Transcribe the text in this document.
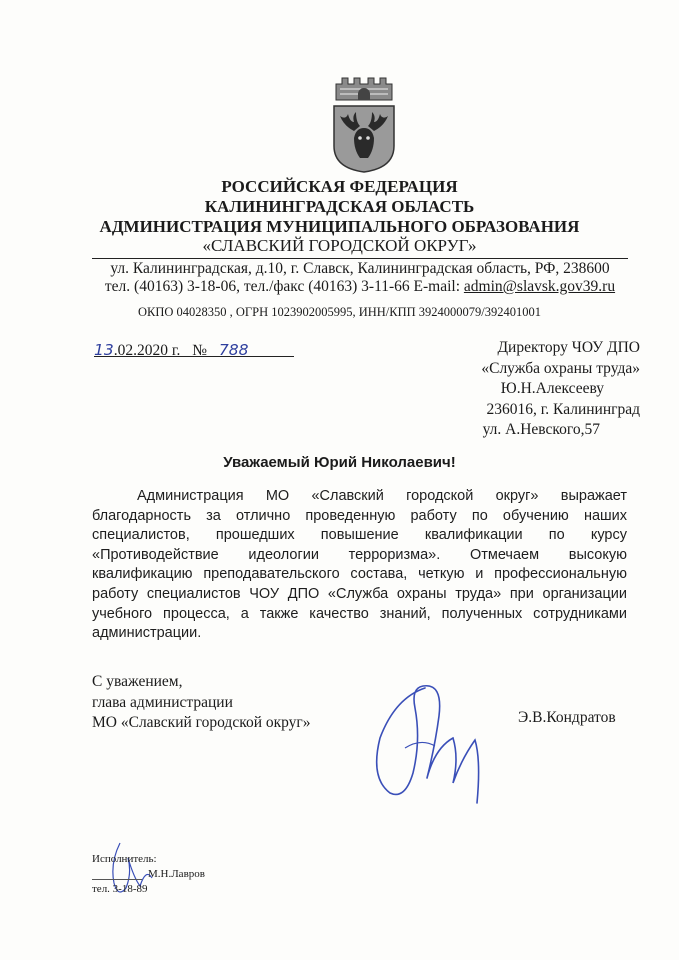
РОССИЙСКАЯ ФЕДЕРАЦИЯ
КАЛИНИНГРАДСКАЯ ОБЛАСТЬ
АДМИНИСТРАЦИЯ МУНИЦИПАЛЬНОГО ОБРАЗОВАНИЯ
«СЛАВСКИЙ ГОРОДСКОЙ ОКРУГ»
ул. Калининградская, д.10, г. Славск, Калининградская область, РФ, 238600
тел. (40163) 3-18-06, тел./факс (40163) 3-11-66 E-mail: admin@slavsk.gov39.ru
ОКПО 04028350 , ОГРН 1023902005995, ИНН/КПП 3924000079/392401001
13.02.2020 г. № 788	Директору ЧОУ ДПО
«Служба охраны труда»
Ю.Н.Алексееву
236016, г. Калининград
ул. А.Невского,57
Уважаемый Юрий Николаевич!
Администрация МО «Славский городской округ» выражает благодарность за отлично проведенную работу по обучению наших специалистов, прошедших повышение квалификации по курсу «Противодействие идеологии терроризма». Отмечаем высокую квалификацию преподавательского состава, четкую и профессиональную работу специалистов ЧОУ ДПО «Служба охраны труда» при организации учебного процесса, а также качество знаний, полученных сотрудниками администрации.
С уважением,
глава администрации
МО «Славский городской округ»	Э.В.Кондратов
Исполнитель:
М.Н.Лавров
тел. 3-18-89
